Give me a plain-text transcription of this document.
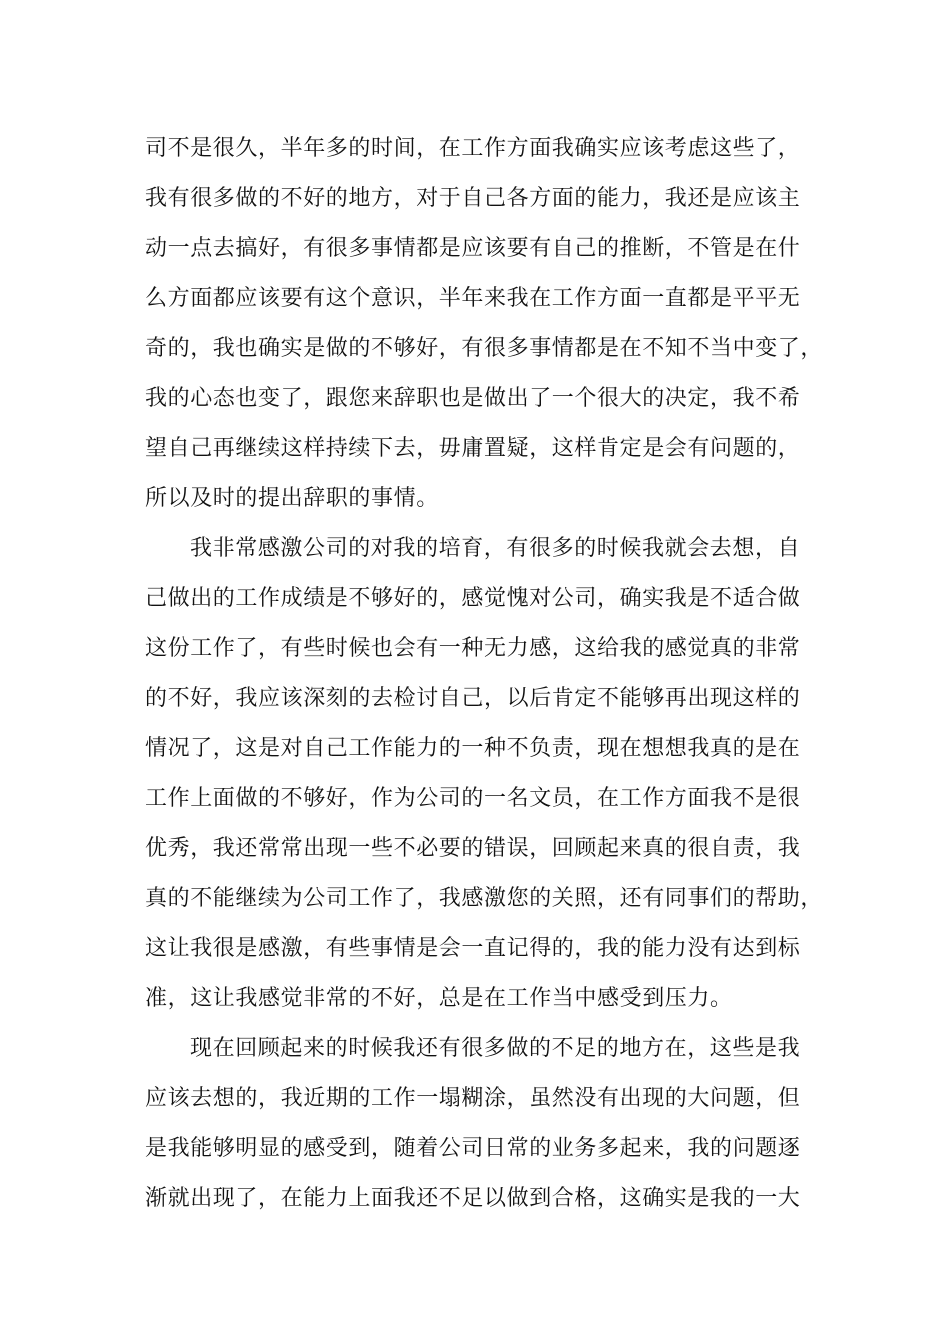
司不是很久，半年多的时间，在工作方面我确实应该考虑这些了，
我有很多做的不好的地方，对于自己各方面的能力，我还是应该主
动一点去搞好，有很多事情都是应该要有自己的推断，不管是在什
么方面都应该要有这个意识，半年来我在工作方面一直都是平平无
奇的，我也确实是做的不够好，有很多事情都是在不知不当中变了，
我的心态也变了，跟您来辞职也是做出了一个很大的决定，我不希
望自己再继续这样持续下去，毋庸置疑，这样肯定是会有问题的，
所以及时的提出辞职的事情。
我非常感激公司的对我的培育，有很多的时候我就会去想，自
己做出的工作成绩是不够好的，感觉愧对公司，确实我是不适合做
这份工作了，有些时候也会有一种无力感，这给我的感觉真的非常
的不好，我应该深刻的去检讨自己，以后肯定不能够再出现这样的
情况了，这是对自己工作能力的一种不负责，现在想想我真的是在
工作上面做的不够好，作为公司的一名文员，在工作方面我不是很
优秀，我还常常出现一些不必要的错误，回顾起来真的很自责，我
真的不能继续为公司工作了，我感激您的关照，还有同事们的帮助，
这让我很是感激，有些事情是会一直记得的，我的能力没有达到标
准，这让我感觉非常的不好，总是在工作当中感受到压力。
现在回顾起来的时候我还有很多做的不足的地方在，这些是我
应该去想的，我近期的工作一塌糊涂，虽然没有出现的大问题，但
是我能够明显的感受到，随着公司日常的业务多起来，我的问题逐
渐就出现了，在能力上面我还不足以做到合格，这确实是我的一大
